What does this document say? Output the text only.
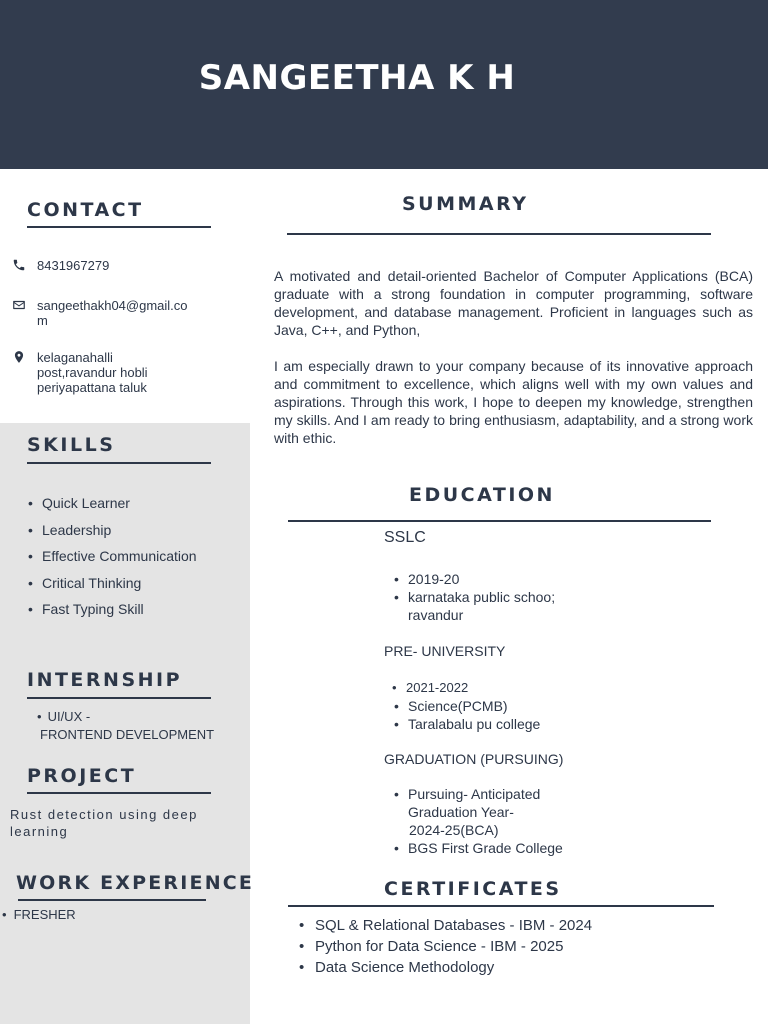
SANGEETHA K H
CONTACT
8431967279
sangeethakh04@gmail.co
m
kelaganahalli
post,ravandur hobli
periyapattana taluk
SKILLS
• Quick Learner
• Leadership
• Effective Communication
• Critical Thinking
• Fast Typing Skill
INTERNSHIP
• UI/UX -
FRONTEND DEVELOPMENT
PROJECT
Rust detection using deep
learning
WORK EXPERIENCE
• FRESHER
SUMMARY
A motivated and detail-oriented Bachelor of Computer Applications (BCA) graduate with a strong foundation in computer programming, software development, and database management. Proficient in languages such as Java, C++, and Python,
I am especially drawn to your company because of its innovative approach and commitment to excellence, which aligns well with my own values and aspirations. Through this work, I hope to deepen my knowledge, strengthen my skills. And I am ready to bring enthusiasm, adaptability, and a strong work with ethic.
EDUCATION
SSLC
• 2019-20
• karnataka public schoo;
ravandur
PRE- UNIVERSITY
• 2021-2022
• Science(PCMB)
• Taralabalu pu college
GRADUATION (PURSUING)
• Pursuing- Anticipated
Graduation Year-
2024-25(BCA)
• BGS First Grade College
CERTIFICATES
• SQL & Relational Databases - IBM - 2024
• Python for Data Science - IBM - 2025
• Data Science Methodology
